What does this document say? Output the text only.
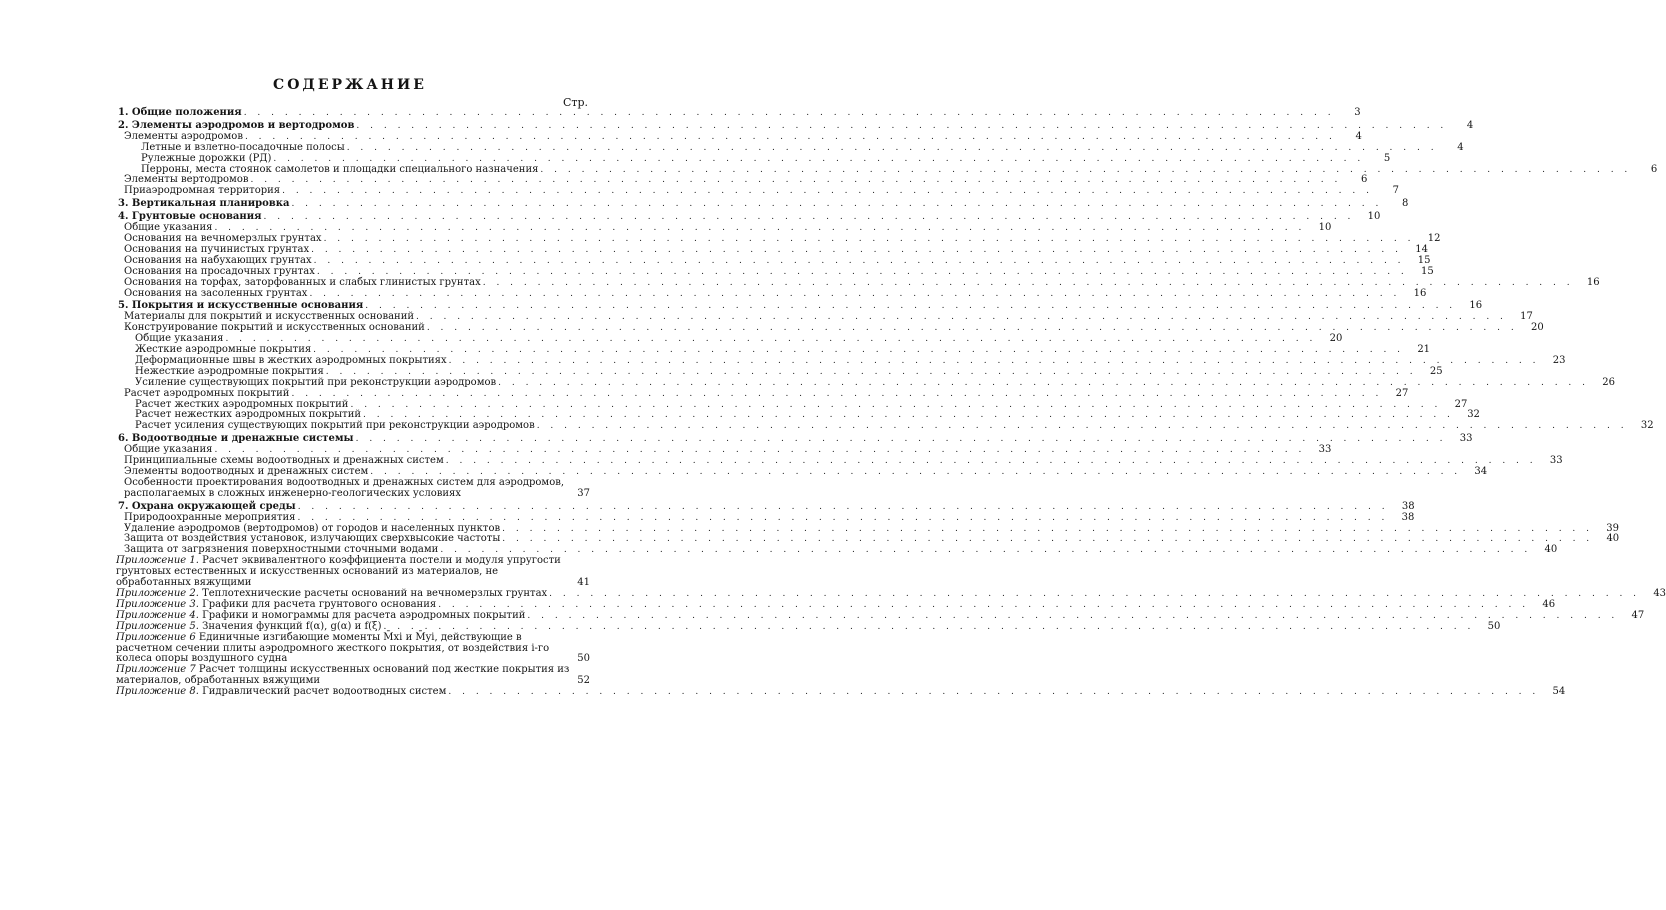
СОДЕРЖАНИЕ
Стр.
1. Общие положения . . .	3
2. Элементы аэродромов и вертодромов . . .	4
Элементы аэродромов . . .	4
Летные и взлетно-посадочные полосы . . .	4
Рулежные дорожки (РД) . . .	5
Перроны, места стоянок самолетов и площадки специального назначения . . .	6
Элементы вертодромов . . .	6
Приаэродромная территория . . .	7
3. Вертикальная планировка . . .	8
4. Грунтовые основания . . .	10
Общие указания . . .	10
Основания на вечномерзлых грунтах . . .	12
Основания на пучинистых грунтах . . .	14
Основания на набухающих грунтах . . .	15
Основания на просадочных грунтах . . .	15
Основания на торфах, заторфованных и слабых глинистых грунтах . . .	16
Основания на засоленных грунтах . . .	16
5. Покрытия и искусственные основания . . .	16
Материалы для покрытий и искусственных оснований . . .	17
Конструирование покрытий и искусственных оснований . . .	20
Общие указания . . .	20
Жесткие аэродромные покрытия . . .	21
Деформационные швы в жестких аэродромных покрытиях . . .	23
Нежесткие аэродромные покрытия . . .	25
Усиление существующих покрытий при реконструкции аэродромов . . .	26
Расчет аэродромных покрытий . . .	27
Расчет жестких аэродромных покрытий . . .	27
Расчет нежестких аэродромных покрытий . . .	32
Расчет усиления существующих покрытий при реконструкции аэродромов . . .	32
6. Водоотводные и дренажные системы . . .	33
Общие указания . . .	33
Принципиальные схемы водоотводных и дренажных систем . . .	33
Элементы водоотводных и дренажных систем . . .	34
Особенности проектирования водоотводных и дренажных систем для аэродромов, располагаемых в сложных инженерно-геологических условиях	37
7. Охрана окружающей среды . . .	38
Природоохранные мероприятия . . .	38
Удаление аэродромов (вертодромов) от городов и населенных пунктов . . .	39
Защита от воздействия установок, излучающих сверхвысокие частоты . . .	40
Защита от загрязнения поверхностными сточными водами . . .	40
Приложение 1. Расчет эквивалентного коэффициента постели и модуля упругости грунтовых естественных и искусственных оснований из материалов, не обработанных вяжущими	41
Приложение 2. Теплотехнические расчеты оснований на вечномерзлых грунтах . . .	43
Приложение 3. Графики для расчета грунтового основания . . .	46
Приложение 4. Графики и номограммы для расчета аэродромных покрытий . . .	47
Приложение 5. Значения функций f(α), g(α) и f(ξ) . . .	50
Приложение 6 Единичные изгибающие моменты M̄xi и M̄yi, действующие в расчетном сечении плиты аэродромного жесткого покрытия, от воздействия i-го колеса опоры воздушного судна	50
Приложение 7 Расчет толщины искусственных оснований под жесткие покрытия из материалов, обработанных вяжущими	52
Приложение 8. Гидравлический расчет водоотводных систем . . .	54
